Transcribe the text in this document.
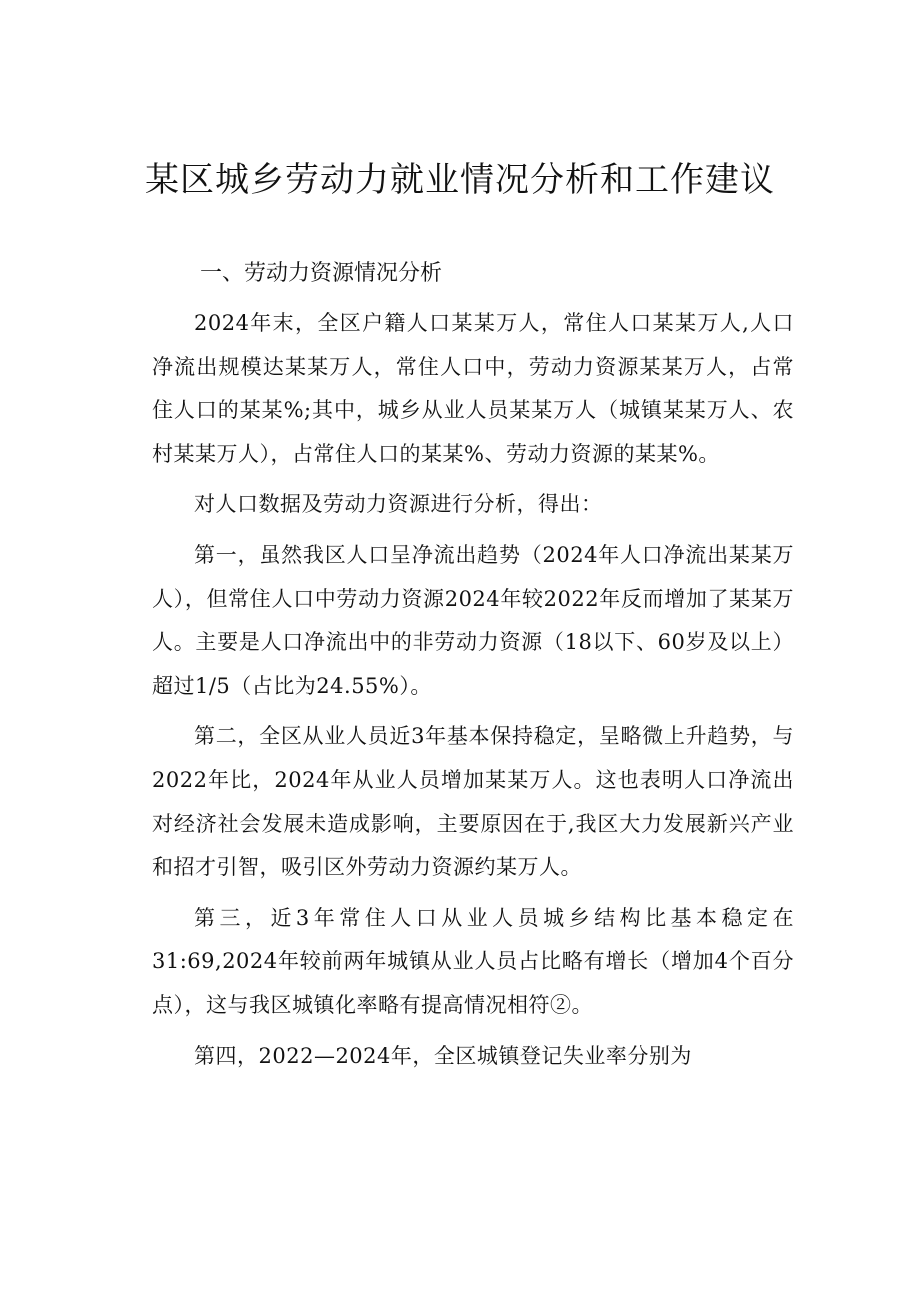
某区城乡劳动力就业情况分析和工作建议
一、劳动力资源情况分析

2024年末，全区户籍人口某某万人，常住人口某某万人,人口净流出规模达某某万人，常住人口中，劳动力资源某某万人，占常住人口的某某%;其中，城乡从业人员某某万人（城镇某某万人、农村某某万人），占常住人口的某某%、劳动力资源的某某%。

对人口数据及劳动力资源进行分析，得出：

第一，虽然我区人口呈净流出趋势（2024年人口净流出某某万人），但常住人口中劳动力资源2024年较2022年反而增加了某某万人。主要是人口净流出中的非劳动力资源（18以下、60岁及以上）超过1/5（占比为24.55%）。

第二，全区从业人员近3年基本保持稳定，呈略微上升趋势，与2022年比，2024年从业人员增加某某万人。这也表明人口净流出对经济社会发展未造成影响，主要原因在于,我区大力发展新兴产业和招才引智，吸引区外劳动力资源约某万人。

第三，近3年常住人口从业人员城乡结构比基本稳定在31:69,2024年较前两年城镇从业人员占比略有增长（增加4个百分点），这与我区城镇化率略有提高情况相符②。

第四，2022—2024年，全区城镇登记失业率分别为
